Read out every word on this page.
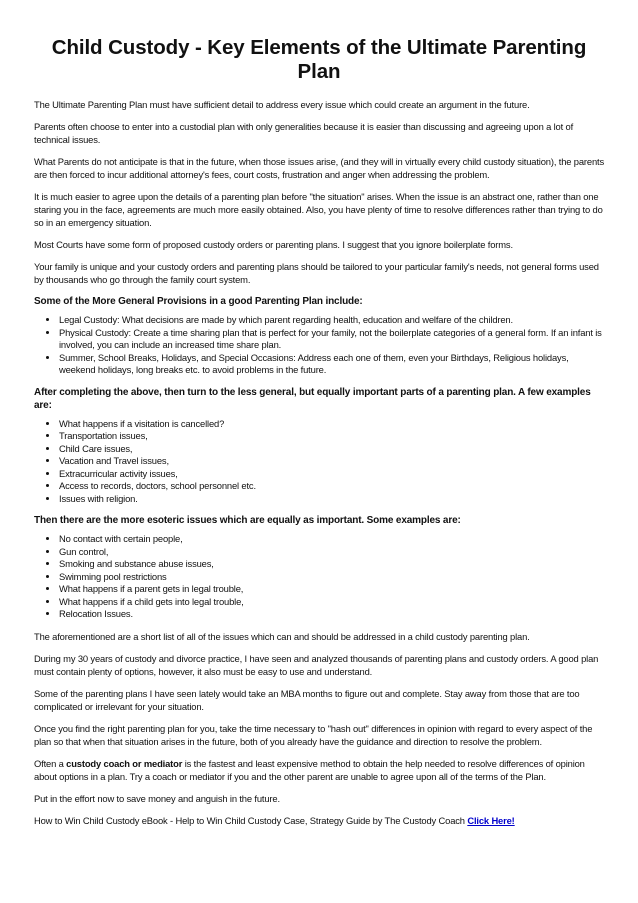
Child Custody - Key Elements of the Ultimate Parenting Plan

The Ultimate Parenting Plan must have sufficient detail to address every issue which could create an argument in the future.

Parents often choose to enter into a custodial plan with only generalities because it is easier than discussing and agreeing upon a lot of technical issues.

What Parents do not anticipate is that in the future, when those issues arise, (and they will in virtually every child custody situation), the parents are then forced to incur additional attorney's fees, court costs, frustration and anger when addressing the problem.

It is much easier to agree upon the details of a parenting plan before "the situation" arises. When the issue is an abstract one, rather than one staring you in the face, agreements are much more easily obtained. Also, you have plenty of time to resolve differences rather than trying to do so in an emergency situation.

Most Courts have some form of proposed custody orders or parenting plans. I suggest that you ignore boilerplate forms.

Your family is unique and your custody orders and parenting plans should be tailored to your particular family's needs, not general forms used by thousands who go through the family court system.

Some of the More General Provisions in a good Parenting Plan include:

• Legal Custody: What decisions are made by which parent regarding health, education and welfare of the children.
• Physical Custody: Create a time sharing plan that is perfect for your family, not the boilerplate categories of a general form. If an infant is involved, you can include an increased time share plan.
• Summer, School Breaks, Holidays, and Special Occasions: Address each one of them, even your Birthdays, Religious holidays, weekend holidays, long breaks etc. to avoid problems in the future.

After completing the above, then turn to the less general, but equally important parts of a parenting plan. A few examples are:

• What happens if a visitation is cancelled?
• Transportation issues,
• Child Care issues,
• Vacation and Travel issues,
• Extracurricular activity issues,
• Access to records, doctors, school personnel etc.
• Issues with religion.

Then there are the more esoteric issues which are equally as important. Some examples are:

• No contact with certain people,
• Gun control,
• Smoking and substance abuse issues,
• Swimming pool restrictions
• What happens if a parent gets in legal trouble,
• What happens if a child gets into legal trouble,
• Relocation Issues.

The aforementioned are a short list of all of the issues which can and should be addressed in a child custody parenting plan.

During my 30 years of custody and divorce practice, I have seen and analyzed thousands of parenting plans and custody orders. A good plan must contain plenty of options, however, it also must be easy to use and understand.

Some of the parenting plans I have seen lately would take an MBA months to figure out and complete. Stay away from those that are too complicated or irrelevant for your situation.

Once you find the right parenting plan for you, take the time necessary to "hash out" differences in opinion with regard to every aspect of the plan so that when that situation arises in the future, both of you already have the guidance and direction to resolve the problem.

Often a custody coach or mediator is the fastest and least expensive method to obtain the help needed to resolve differences of opinion about options in a plan. Try a coach or mediator if you and the other parent are unable to agree upon all of the terms of the Plan.

Put in the effort now to save money and anguish in the future.

How to Win Child Custody eBook - Help to Win Child Custody Case, Strategy Guide by The Custody Coach Click Here!
